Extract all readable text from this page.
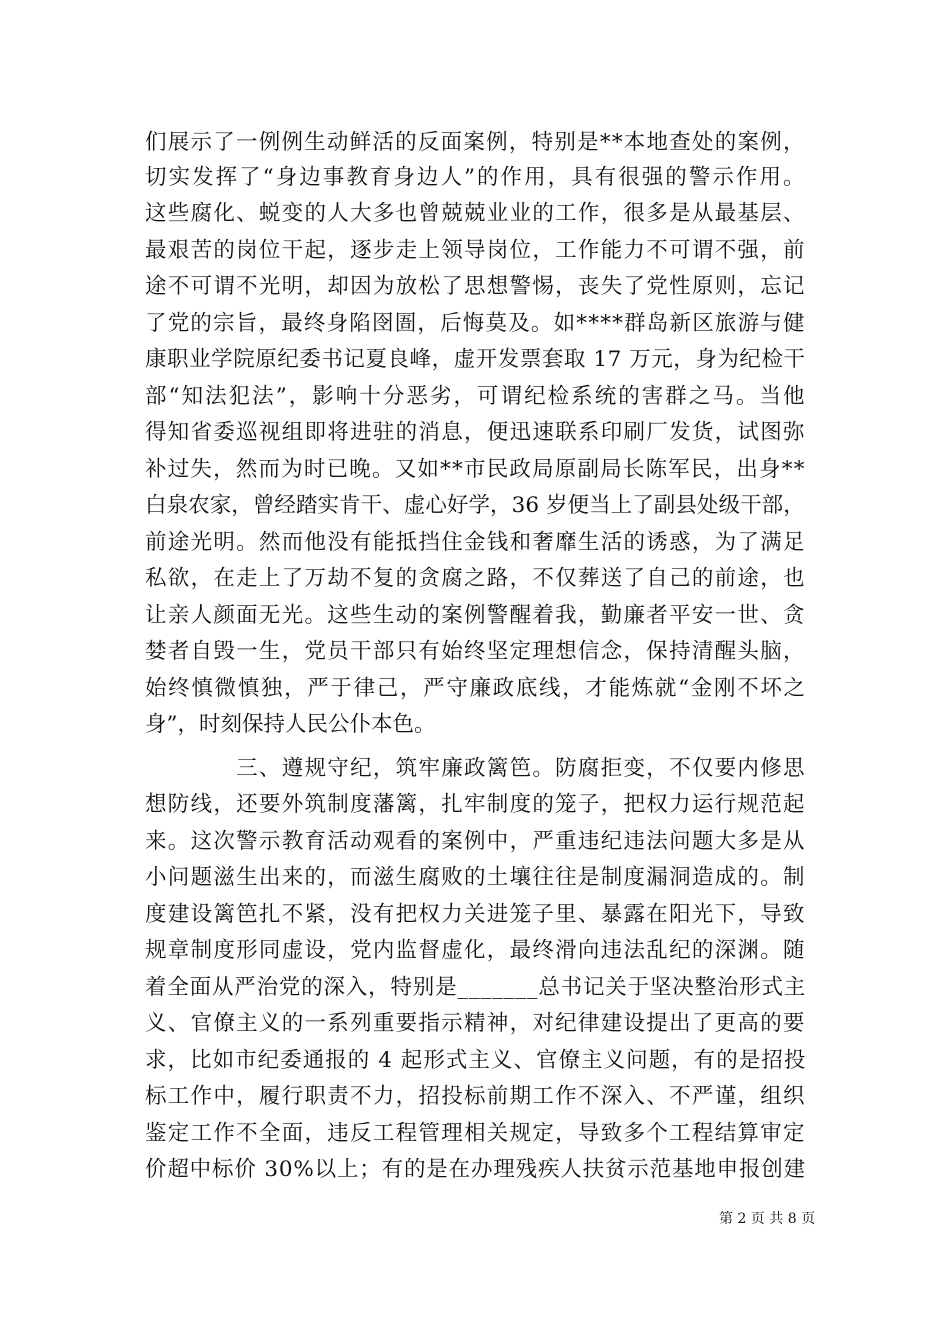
们展示了一例例生动鲜活的反面案例，特别是**本地查处的案例，
切实发挥了“身边事教育身边人”的作用，具有很强的警示作用。
这些腐化、蜕变的人大多也曾兢兢业业的工作，很多是从最基层、
最艰苦的岗位干起，逐步走上领导岗位，工作能力不可谓不强，前
途不可谓不光明，却因为放松了思想警惕，丧失了党性原则，忘记
了党的宗旨，最终身陷囹圄，后悔莫及。如****群岛新区旅游与健
康职业学院原纪委书记夏良峰，虚开发票套取 17 万元，身为纪检干
部“知法犯法”，影响十分恶劣，可谓纪检系统的害群之马。当他
得知省委巡视组即将进驻的消息，便迅速联系印刷厂发货，试图弥
补过失，然而为时已晚。又如**市民政局原副局长陈军民，出身**
白泉农家，曾经踏实肯干、虚心好学，36 岁便当上了副县处级干部，
前途光明。然而他没有能抵挡住金钱和奢靡生活的诱惑，为了满足
私欲，在走上了万劫不复的贪腐之路，不仅葬送了自己的前途，也
让亲人颜面无光。这些生动的案例警醒着我，勤廉者平安一世、贪
婪者自毁一生，党员干部只有始终坚定理想信念，保持清醒头脑，
始终慎微慎独，严于律己，严守廉政底线，才能炼就“金刚不坏之
身”，时刻保持人民公仆本色。
　　　　三、遵规守纪，筑牢廉政篱笆。防腐拒变，不仅要内修思
想防线，还要外筑制度藩篱，扎牢制度的笼子，把权力运行规范起
来。这次警示教育活动观看的案例中，严重违纪违法问题大多是从
小问题滋生出来的，而滋生腐败的土壤往往是制度漏洞造成的。制
度建设篱笆扎不紧，没有把权力关进笼子里、暴露在阳光下，导致
规章制度形同虚设，党内监督虚化，最终滑向违法乱纪的深渊。随
着全面从严治党的深入，特别是_______总书记关于坚决整治形式主
义、官僚主义的一系列重要指示精神，对纪律建设提出了更高的要
求，比如市纪委通报的 4 起形式主义、官僚主义问题，有的是招投
标工作中，履行职责不力，招投标前期工作不深入、不严谨，组织
鉴定工作不全面，违反工程管理相关规定，导致多个工程结算审定
价超中标价 30%以上；有的是在办理残疾人扶贫示范基地申报创建
第 2 页 共 8 页
